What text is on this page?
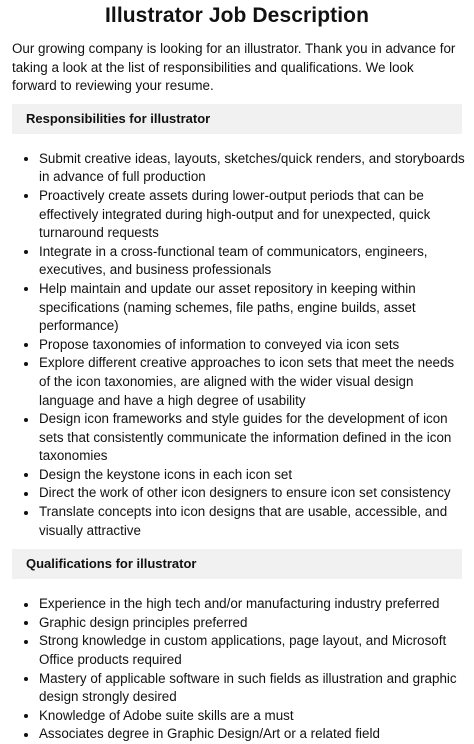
Illustrator Job Description

Our growing company is looking for an illustrator. Thank you in advance for taking a look at the list of responsibilities and qualifications. We look forward to reviewing your resume.

Responsibilities for illustrator
Submit creative ideas, layouts, sketches/quick renders, and storyboards in advance of full production
Proactively create assets during lower-output periods that can be effectively integrated during high-output and for unexpected, quick turnaround requests
Integrate in a cross-functional team of communicators, engineers, executives, and business professionals
Help maintain and update our asset repository in keeping within specifications (naming schemes, file paths, engine builds, asset performance)
Propose taxonomies of information to conveyed via icon sets
Explore different creative approaches to icon sets that meet the needs of the icon taxonomies, are aligned with the wider visual design language and have a high degree of usability
Design icon frameworks and style guides for the development of icon sets that consistently communicate the information defined in the icon taxonomies
Design the keystone icons in each icon set
Direct the work of other icon designers to ensure icon set consistency
Translate concepts into icon designs that are usable, accessible, and visually attractive
Qualifications for illustrator
Experience in the high tech and/or manufacturing industry preferred
Graphic design principles preferred
Strong knowledge in custom applications, page layout, and Microsoft Office products required
Mastery of applicable software in such fields as illustration and graphic design strongly desired
Knowledge of Adobe suite skills are a must
Associates degree in Graphic Design/Art or a related field
